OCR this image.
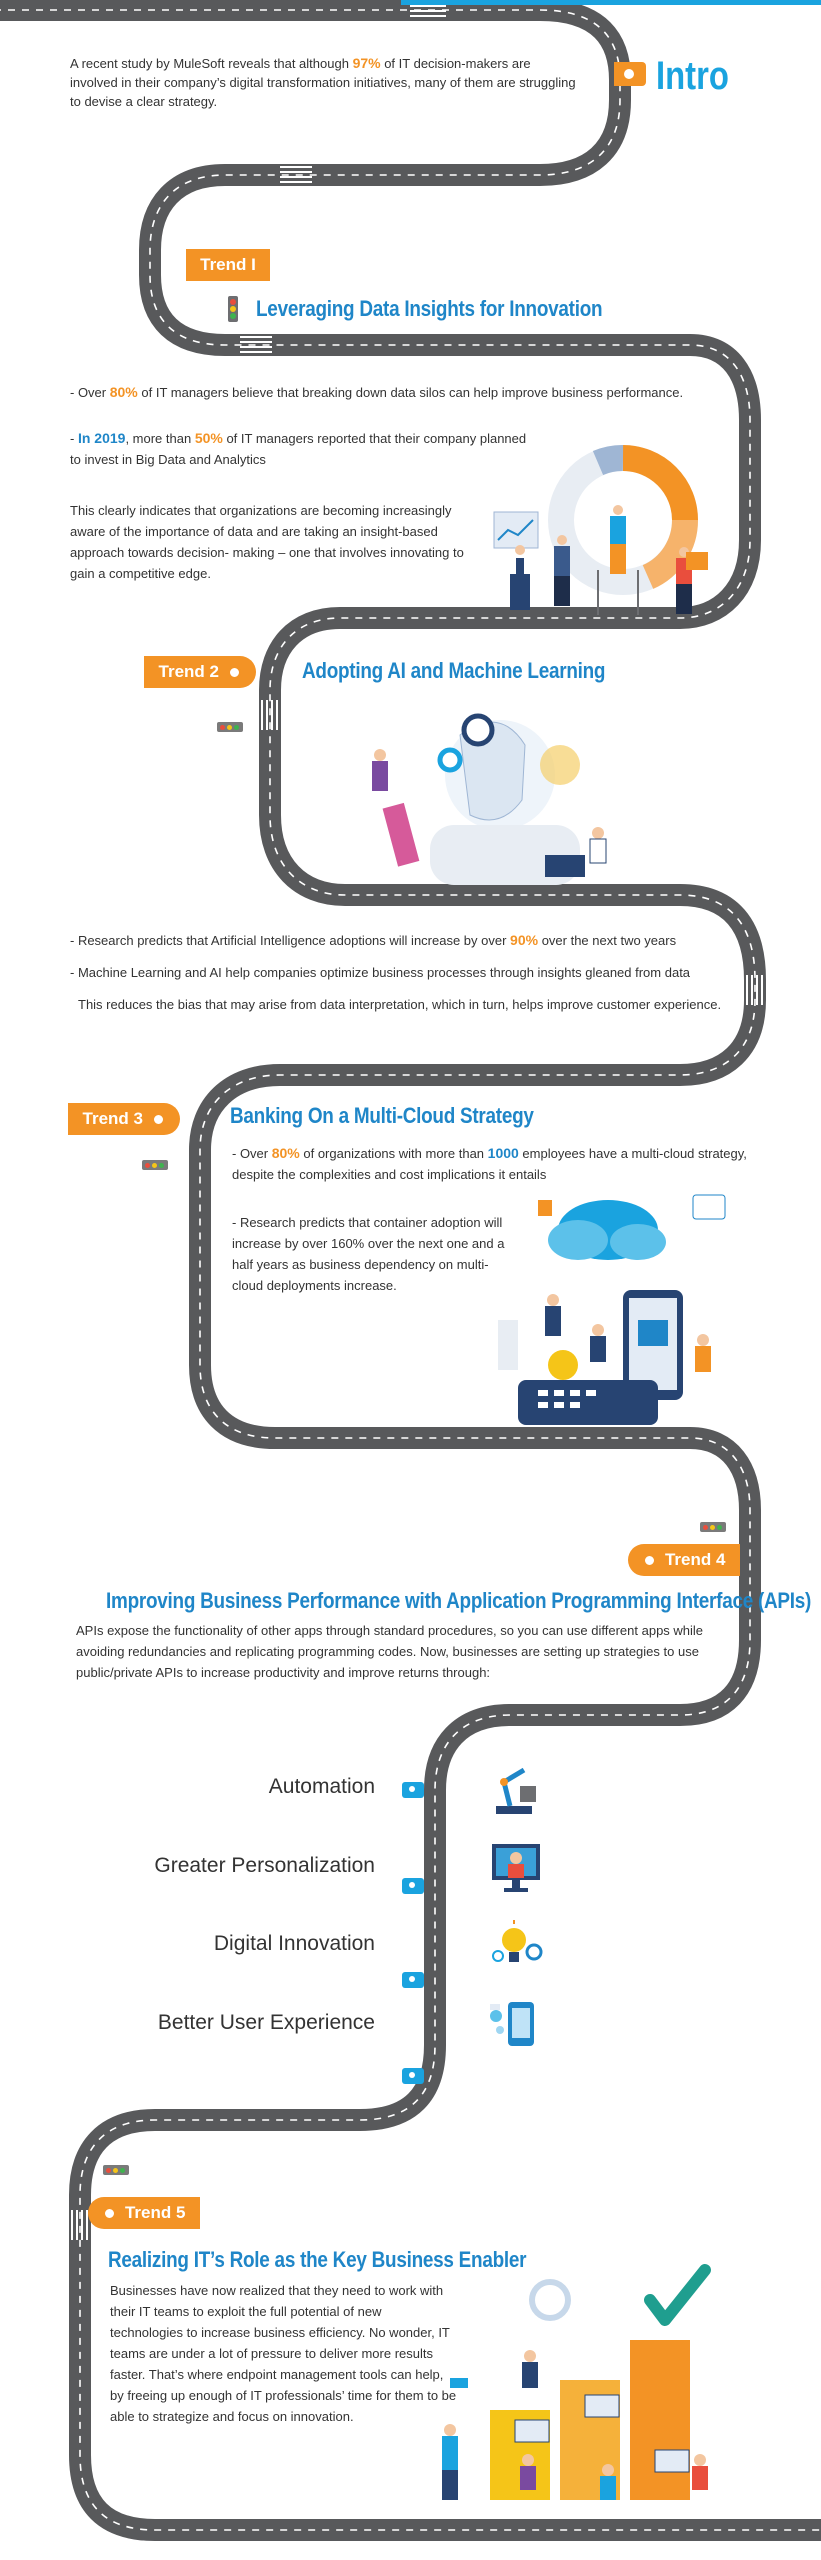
A recent study by MuleSoft reveals that although 97% of IT decision-makers are involved in their company’s digital transformation initiatives, many of them are struggling to devise a clear strategy.
Intro
Trend I
Leveraging Data Insights for Innovation
- Over 80% of IT managers believe that breaking down data silos can help improve business performance.
- In 2019, more than 50% of IT managers reported that their company planned to invest in Big Data and Analytics
This clearly indicates that organizations are becoming increasingly aware of the importance of data and are taking an insight-based approach towards decision- making – one that involves innovating to gain a competitive edge.
Trend 2	Adopting AI and Machine Learning
- Research predicts that Artificial Intelligence adoptions will increase by over 90% over the next two years
- Machine Learning and AI help companies optimize business processes through insights gleaned from data
This reduces the bias that may arise from data interpretation, which in turn, helps improve customer experience.
Trend 3	Banking On a Multi-Cloud Strategy
- Over 80% of organizations with more than 1000 employees have a multi-cloud strategy, despite the complexities and cost implications it entails
- Research predicts that container adoption will increase by over 160% over the next one and a half years as business dependency on multi-cloud deployments increase.
Trend 4
Improving Business Performance with Application Programming Interface (APIs)
APIs expose the functionality of other apps through standard procedures, so you can use different apps while avoiding redundancies and replicating programming codes. Now, businesses are setting up strategies to use public/private APIs to increase productivity and improve returns through:
Automation
Greater Personalization
Digital Innovation
Better User Experience
Trend 5
Realizing IT’s Role as the Key Business Enabler
Businesses have now realized that they need to work with their IT teams to exploit the full potential of new technologies to increase business efficiency. No wonder, IT teams are under a lot of pressure to deliver more results faster. That’s where endpoint management tools can help, by freeing up enough of IT professionals’ time for them to be able to strategize and focus on innovation.
